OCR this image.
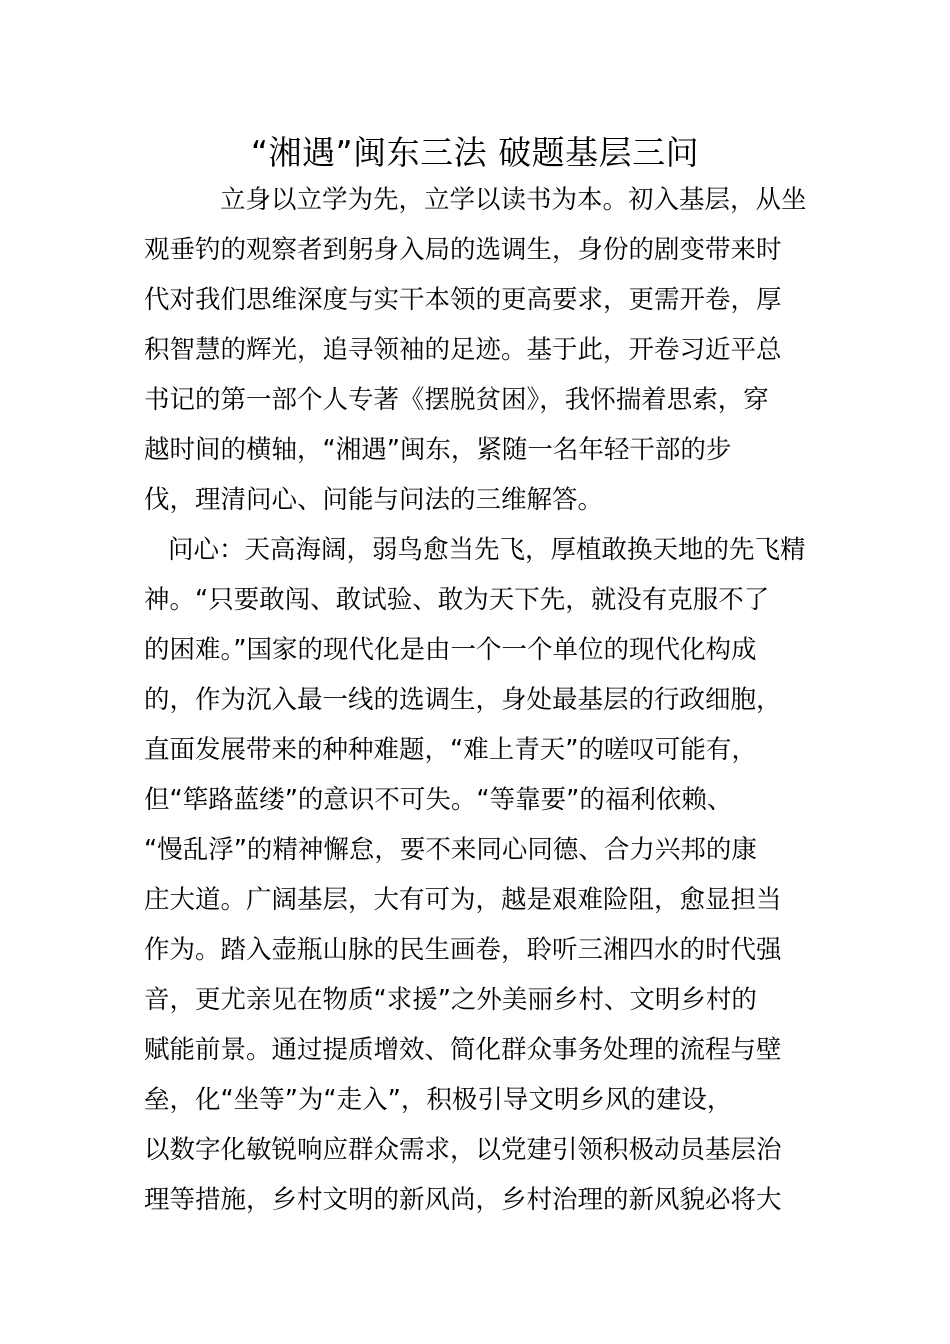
“湘遇”闽东三法 破题基层三问
立身以立学为先，立学以读书为本。初入基层，从坐
观垂钓的观察者到躬身入局的选调生，身份的剧变带来时
代对我们思维深度与实干本领的更高要求，更需开卷，厚
积智慧的辉光，追寻领袖的足迹。基于此，开卷习近平总
书记的第一部个人专著《摆脱贫困》，我怀揣着思索，穿
越时间的横轴，“湘遇”闽东，紧随一名年轻干部的步
伐，理清问心、问能与问法的三维解答。
问心：天高海阔，弱鸟愈当先飞，厚植敢换天地的先飞精
神。“只要敢闯、敢试验、敢为天下先，就没有克服不了
的困难。”国家的现代化是由一个一个单位的现代化构成
的，作为沉入最一线的选调生，身处最基层的行政细胞，
直面发展带来的种种难题，“难上青天”的嗟叹可能有，
但“筚路蓝缕”的意识不可失。“等靠要”的福利依赖、
“慢乱浮”的精神懈怠，要不来同心同德、合力兴邦的康
庄大道。广阔基层，大有可为，越是艰难险阻，愈显担当
作为。踏入壶瓶山脉的民生画卷，聆听三湘四水的时代强
音，更尤亲见在物质“求援”之外美丽乡村、文明乡村的
赋能前景。通过提质增效、简化群众事务处理的流程与壁
垒，化“坐等”为“走入”，积极引导文明乡风的建设，
以数字化敏锐响应群众需求，以党建引领积极动员基层治
理等措施，乡村文明的新风尚，乡村治理的新风貌必将大
